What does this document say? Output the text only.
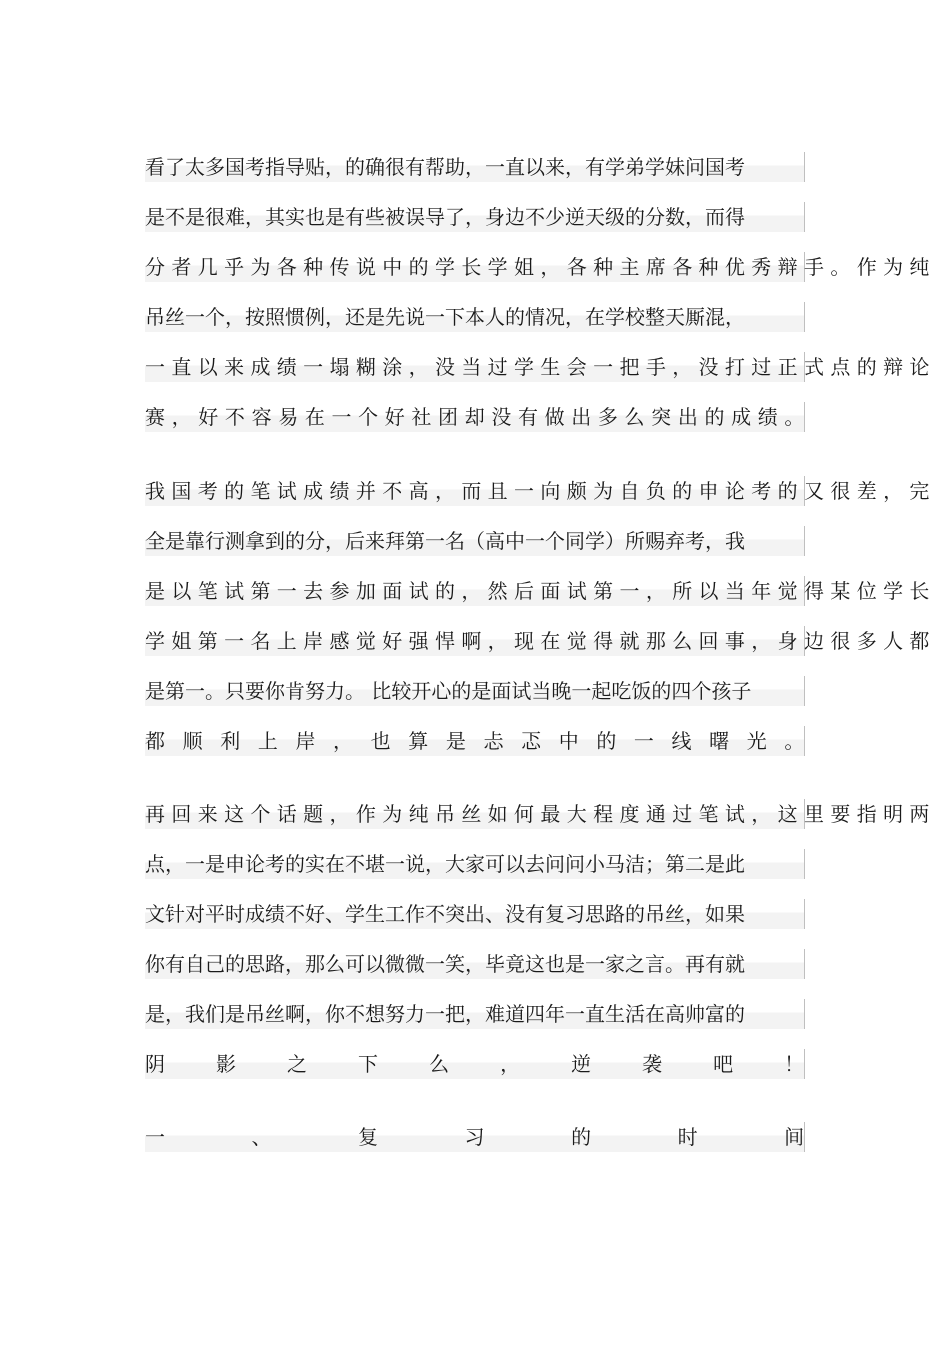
看了太多国考指导贴，的确很有帮助，一直以来，有学弟学妹问国考
是不是很难，其实也是有些被误导了，身边不少逆天级的分数，而得
分 者 几 乎 为 各 种 传 说 中 的 学 长 学 姐 ， 各 种 主 席 各 种 优 秀 辩 手 。 作 为 纯
吊丝一个，按照惯例，还是先说一下本人的情况，在学校整天厮混，
一 直 以 来 成 绩 一 塌 糊 涂 ， 没 当 过 学 生 会 一 把 手 ， 没 打 过 正 式 点 的 辩 论
赛 ， 好 不 容 易 在 一 个 好 社 团 却 没 有 做 出 多 么 突 出 的 成 绩 。
我 国 考 的 笔 试 成 绩 并 不 高 ， 而 且 一 向 颇 为 自 负 的 申 论 考 的 又 很 差 ， 完
全是靠行测拿到的分，后来拜第一名（高中一个同学）所赐弃考，我
是 以 笔 试 第 一 去 参 加 面 试 的 ， 然 后 面 试 第 一 ， 所 以 当 年 觉 得 某 位 学 长
学 姐 第 一 名 上 岸 感 觉 好 强 悍 啊 ， 现 在 觉 得 就 那 么 回 事 ， 身 边 很 多 人 都
是第一。只要你肯努力。 比较开心的是面试当晚一起吃饭的四个孩子
都 顺 利 上 岸 ， 也 算 是 忐 忑 中 的 一 线 曙 光 。
再 回 来 这 个 话 题 ， 作 为 纯 吊 丝 如 何 最 大 程 度 通 过 笔 试 ， 这 里 要 指 明 两
点，一是申论考的实在不堪一说，大家可以去问问小马洁；第二是此
文针对平时成绩不好、学生工作不突出、没有复习思路的吊丝，如果
你有自己的思路，那么可以微微一笑，毕竟这也是一家之言。再有就
是，我们是吊丝啊，你不想努力一把，难道四年一直生活在高帅富的
阴 影 之 下 么 ， 逆 袭 吧 ！
一 、 复 习 的 时 间
